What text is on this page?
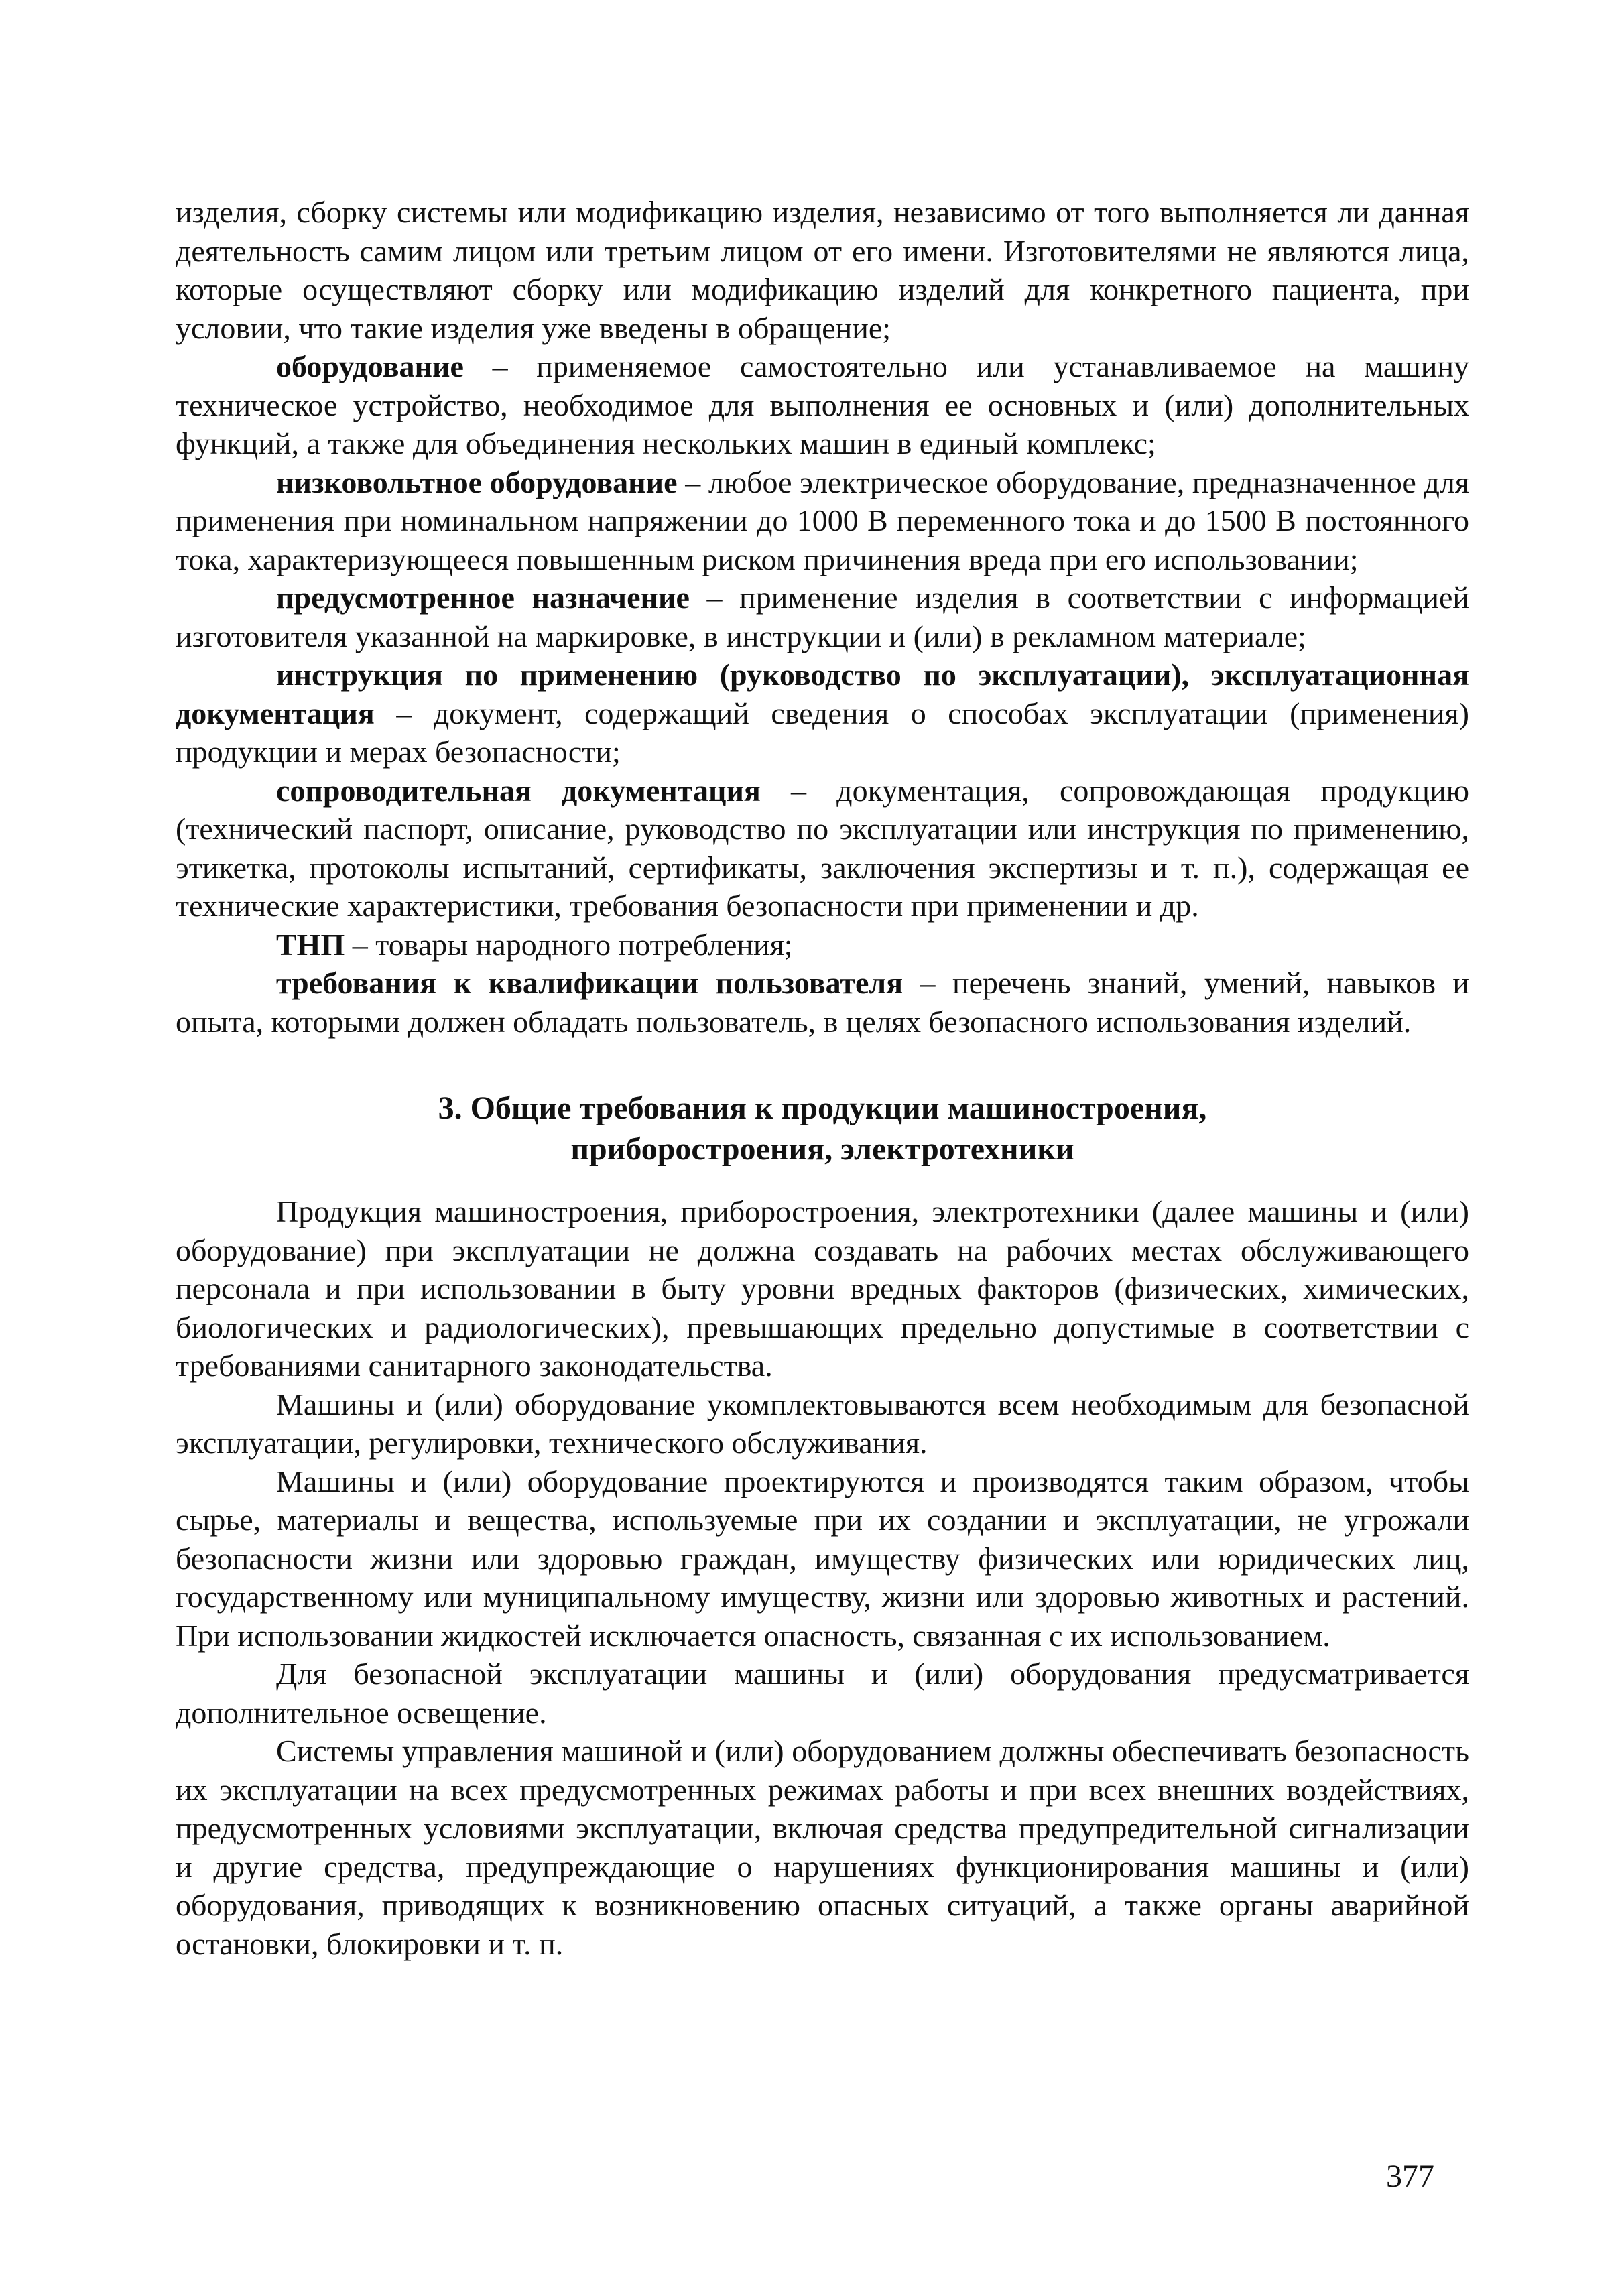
изделия, сборку системы или модификацию изделия, независимо от того выполняется ли данная деятельность самим лицом или третьим лицом от его имени. Изготовителями не являются лица, которые осуществляют сборку или модификацию изделий для конкретного пациента, при условии, что такие изделия уже введены в обращение;

оборудование – применяемое самостоятельно или устанавливаемое на машину техническое устройство, необходимое для выполнения ее основных и (или) дополнительных функций, а также для объединения нескольких машин в единый комплекс;

низковольтное оборудование – любое электрическое оборудование, предназначенное для применения при номинальном напряжении до 1000 В переменного тока и до 1500 В постоянного тока, характеризующееся повышенным риском причинения вреда при его использовании;

предусмотренное назначение – применение изделия в соответствии с информацией изготовителя указанной на маркировке, в инструкции и (или) в рекламном материале;

инструкция по применению (руководство по эксплуатации), эксплуатационная документация – документ, содержащий сведения о способах эксплуатации (применения) продукции и мерах безопасности;

сопроводительная документация – документация, сопровождающая продукцию (технический паспорт, описание, руководство по эксплуатации или инструкция по применению, этикетка, протоколы испытаний, сертификаты, заключения экспертизы и т. п.), содержащая ее технические характеристики, требования безопасности при применении и др.

ТНП – товары народного потребления;

требования к квалификации пользователя – перечень знаний, умений, навыков и опыта, которыми должен обладать пользователь, в целях безопасного использования изделий.

3. Общие требования к продукции машиностроения,
приборостроения, электротехники

Продукция машиностроения, приборостроения, электротехники (далее машины и (или) оборудование) при эксплуатации не должна создавать на рабочих местах обслуживающего персонала и при использовании в быту уровни вредных факторов (физических, химических, биологических и радиологических), превышающих предельно допустимые в соответствии с требованиями санитарного законодательства.

Машины и (или) оборудование укомплектовываются всем необходимым для безопасной эксплуатации, регулировки, технического обслуживания.

Машины и (или) оборудование проектируются и производятся таким образом, чтобы сырье, материалы и вещества, используемые при их создании и эксплуатации, не угрожали безопасности жизни или здоровью граждан, имуществу физических или юридических лиц, государственному или муниципальному имуществу, жизни или здоровью животных и растений. При использовании жидкостей исключается опасность, связанная с их использованием.

Для безопасной эксплуатации машины и (или) оборудования предусматривается дополнительное освещение.

Системы управления машиной и (или) оборудованием должны обеспечивать безопасность их эксплуатации на всех предусмотренных режимах работы и при всех внешних воздействиях, предусмотренных условиями эксплуатации, включая средства предупредительной сигнализации и другие средства, предупреждающие о нарушениях функционирования машины и (или) оборудования, приводящих к возникновению опасных ситуаций, а также органы аварийной остановки, блокировки и т. п.

377
